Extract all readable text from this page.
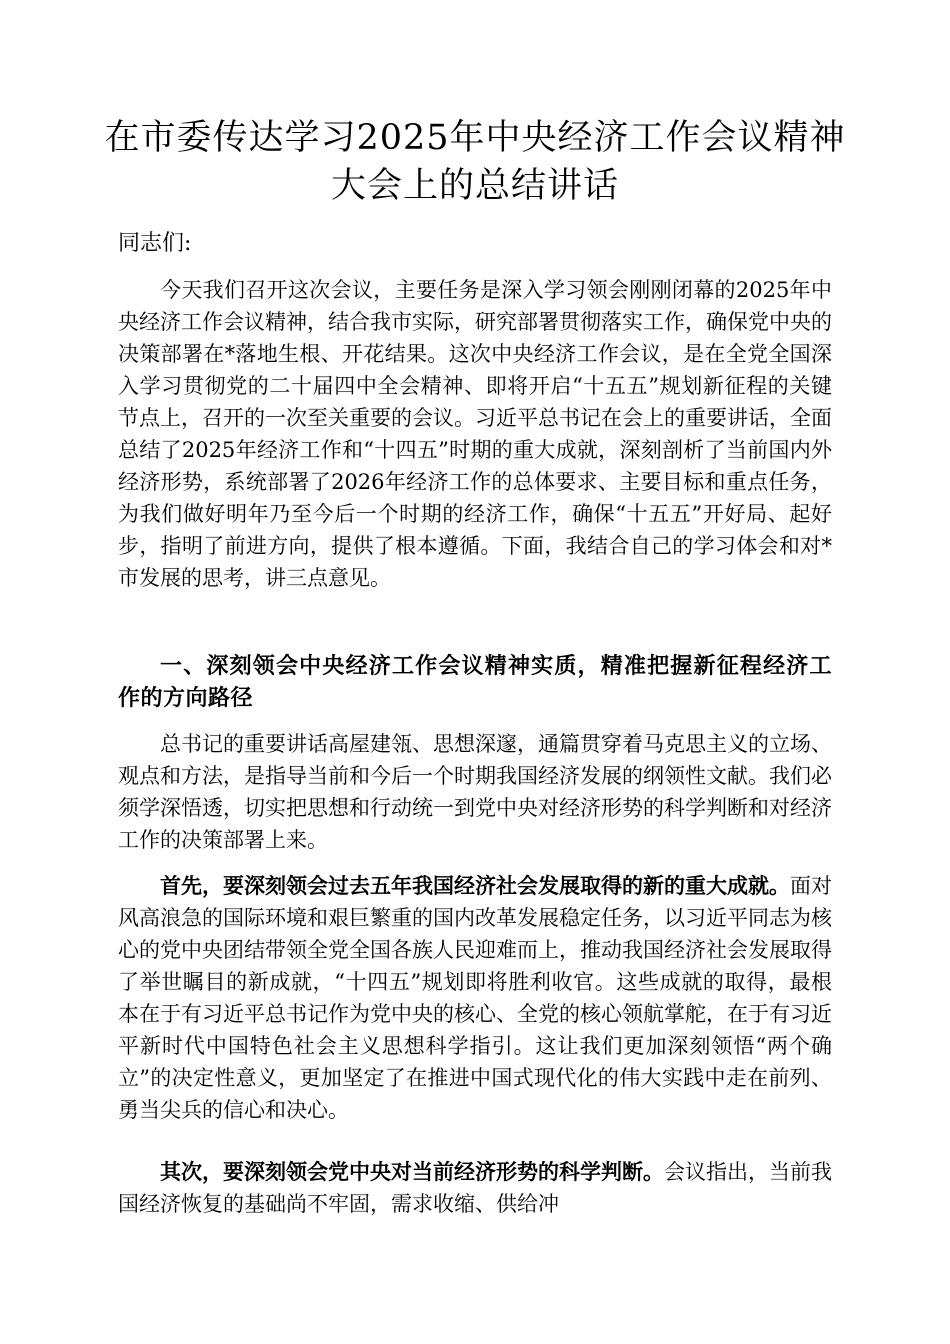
在市委传达学习2025年中央经济工作会议精神
大会上的总结讲话
同志们:

今天我们召开这次会议，主要任务是深入学习领会刚刚闭幕的2025年中央经济工作会议精神，结合我市实际，研究部署贯彻落实工作，确保党中央的决策部署在*落地生根、开花结果。这次中央经济工作会议，是在全党全国深入学习贯彻党的二十届四中全会精神、即将开启“十五五”规划新征程的关键节点上，召开的一次至关重要的会议。习近平总书记在会上的重要讲话，全面总结了2025年经济工作和“十四五”时期的重大成就，深刻剖析了当前国内外经济形势，系统部署了2026年经济工作的总体要求、主要目标和重点任务，为我们做好明年乃至今后一个时期的经济工作，确保“十五五”开好局、起好步，指明了前进方向，提供了根本遵循。下面，我结合自己的学习体会和对*市发展的思考，讲三点意见。

一、深刻领会中央经济工作会议精神实质，精准把握新征程经济工作的方向路径

总书记的重要讲话高屋建瓴、思想深邃，通篇贯穿着马克思主义的立场、观点和方法，是指导当前和今后一个时期我国经济发展的纲领性文献。我们必须学深悟透，切实把思想和行动统一到党中央对经济形势的科学判断和对经济工作的决策部署上来。

首先，要深刻领会过去五年我国经济社会发展取得的新的重大成就。面对风高浪急的国际环境和艰巨繁重的国内改革发展稳定任务，以习近平同志为核心的党中央团结带领全党全国各族人民迎难而上，推动我国经济社会发展取得了举世瞩目的新成就，“十四五”规划即将胜利收官。这些成就的取得，最根本在于有习近平总书记作为党中央的核心、全党的核心领航掌舵，在于有习近平新时代中国特色社会主义思想科学指引。这让我们更加深刻领悟“两个确立”的决定性意义，更加坚定了在推进中国式现代化的伟大实践中走在前列、勇当尖兵的信心和决心。

其次，要深刻领会党中央对当前经济形势的科学判断。会议指出，当前我国经济恢复的基础尚不牢固，需求收缩、供给冲
